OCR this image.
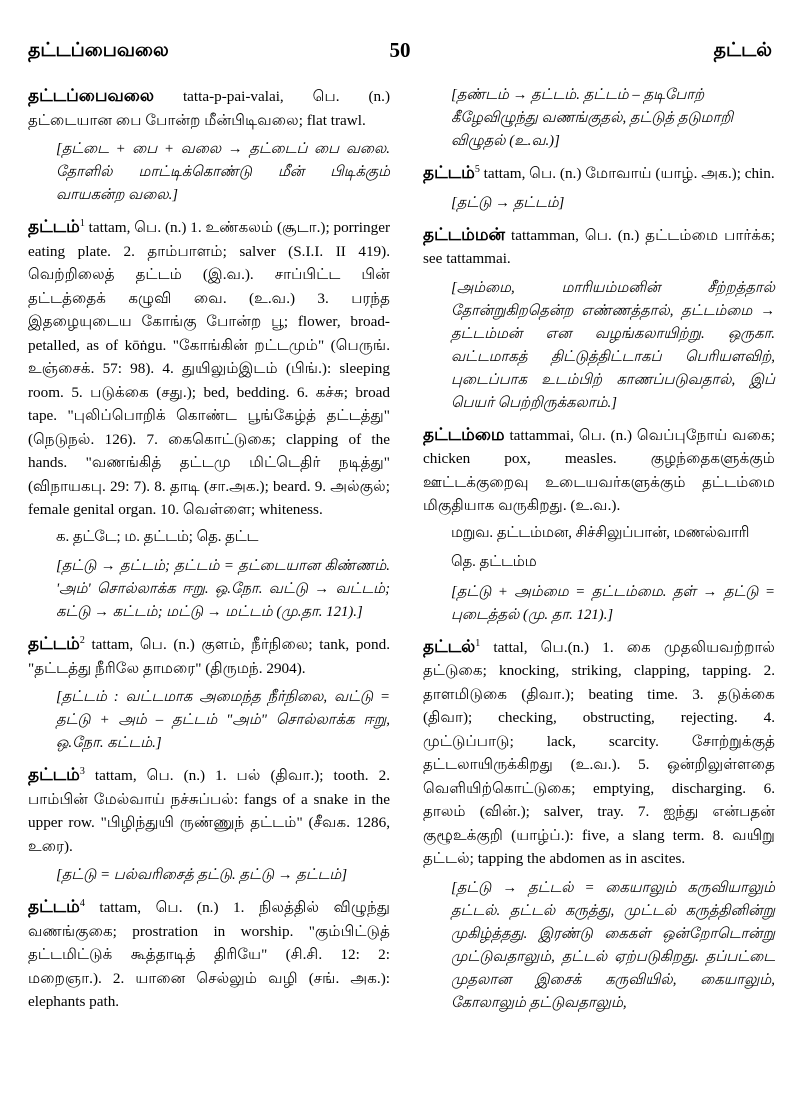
தட்டப்பைவலை	50	தட்டல்

தட்டப்பைவலை tatta-p-pai-valai, பெ. (n.) தட்டையான பை போன்ற மீன்பிடிவலை; flat trawl.

[தட்டை + பை + வலை → தட்டைப் பை வலை. தோளில் மாட்டிக்கொண்டு மீன் பிடிக்கும் வாயகன்ற வலை.]

தட்டம்$^1$ tattam, பெ. (n.) 1. உண்கலம் (சூடா.); porringer eating plate. 2. தாம்பாளம்; salver (S.I.I. II 419). வெற்றிலைத் தட்டம் (இ.வ.). சாப்பிட்ட பின் தட்டத்தைக் கழுவி வை. (உ.வ.) 3. பரந்த இதழையுடைய கோங்கு போன்ற பூ; flower, broad-petalled, as of kōṅgu. "கோங்கின் றட்டமும்" (பெருங். உஞ்சைக். 57: 98). 4. துயிலும்இடம் (பிங்.): sleeping room. 5. படுக்கை (சது.); bed, bedding. 6. கச்சு; broad tape. "புலிப்பொறிக் கொண்ட பூங்கேழ்த் தட்டத்து" (நெடுநல். 126). 7. கைகொட்டுகை; clapping of the hands. "வணங்கித் தட்டமு மிட்டெதிர் நடித்து" (விநாயகபு. 29: 7). 8. தாடி (சா.அக.); beard. 9. அல்குல்; female genital organ. 10. வெள்ளை; whiteness.

க. தட்டே; ம. தட்டம்; தெ. தட்ட
[தட்டு → தட்டம்; தட்டம் = தட்டையான கிண்ணம். 'அம்' சொல்லாக்க ஈறு. ஒ.நோ. வட்டு → வட்டம்; கட்டு → கட்டம்; மட்டு → மட்டம் (மு.தா. 121).]

தட்டம்$^2$ tattam, பெ. (n.) குளம், நீர்நிலை; tank, pond. "தட்டத்து நீரிலே தாமரை" (திருமந். 2904).

[தட்டம் : வட்டமாக அமைந்த நீர்நிலை, வட்டு = தட்டு + அம் – தட்டம் "அம்" சொல்லாக்க ஈறு, ஒ.நோ. கட்டம்.]

தட்டம்$^3$ tattam, பெ. (n.) 1. பல் (திவா.); tooth. 2. பாம்பின் மேல்வாய் நச்சுப்பல்: fangs of a snake in the upper row. "பிழிந்துயி ருண்ணுந் தட்டம்" (சீவக. 1286, உரை).

[தட்டு = பல்வரிசைத் தட்டு. தட்டு → தட்டம்]

தட்டம்$^4$ tattam, பெ. (n.) 1. நிலத்தில் விழுந்து வணங்குகை; prostration in worship. "கும்பிட்டுத் தட்டமிட்டுக் கூத்தாடித் திரியே" (சி.சி. 12: 2: மறைஞா.). 2. யானை செல்லும் வழி (சங். அக.): elephants path.

[தண்டம் → தட்டம். தட்டம் – தடிபோற் கீழேவிழுந்து வணங்குதல், தட்டுத் தடுமாறி விழுதல் (உ.வ.)]

தட்டம்$^5$ tattam, பெ. (n.) மோவாய் (யாழ். அக.); chin.

[தட்டு → தட்டம்]

தட்டம்மன் tattamman, பெ. (n.) தட்டம்மை பார்க்க; see tattammai.

[அம்மை, மாரியம்மனின் சீற்றத்தால் தோன்றுகிறதென்ற எண்ணத்தால், தட்டம்மை → தட்டம்மன் என வழங்கலாயிற்று. ஒருகா. வட்டமாகத் திட்டுத்திட்டாகப் பெரியளவிற், புடைப்பாக உடம்பிற் காணப்படுவதால், இப் பெயர் பெற்றிருக்கலாம்.]

தட்டம்மை tattammai, பெ. (n.) வெப்புநோய் வகை; chicken pox, measles. குழந்தைகளுக்கும் ஊட்டக்குறைவு உடையவர்களுக்கும் தட்டம்மை மிகுதியாக வருகிறது. (உ.வ.).

மறுவ. தட்டம்மன, சிச்சிலுப்பான், மணல்வாரி
தெ. தட்டம்ம
[தட்டு + அம்மை = தட்டம்மை. தள் → தட்டு = புடைத்தல் (மு. தா. 121).]

தட்டல்$^1$ tattal, பெ.(n.) 1. கை முதலியவற்றால் தட்டுகை; knocking, striking, clapping, tapping. 2. தாளமிடுகை (திவா.); beating time. 3. தடுக்கை (திவா); checking, obstructing, rejecting. 4. முட்டுப்பாடு; lack, scarcity. சோற்றுக்குத் தட்டலாயிருக்கிறது (உ.வ.). 5. ஒன்றிலுள்ளதை வெளியிற்கொட்டுகை; emptying, discharging. 6. தாலம் (வின்.); salver, tray. 7. ஐந்து என்பதன் குழூஉக்குறி (யாழ்ப்.): five, a slang term. 8. வயிறு தட்டல்; tapping the abdomen as in ascites.

[தட்டு → தட்டல் = கையாலும் கருவியாலும் தட்டல். தட்டல் கருத்து, முட்டல் கருத்தினின்று முகிழ்த்தது. இரண்டு கைகள் ஒன்றோடொன்று முட்டுவதாலும், தட்டல் ஏற்படுகிறது. தப்பட்டை முதலான இசைக் கருவியில், கையாலும், கோலாலும் தட்டுவதாலும்,
